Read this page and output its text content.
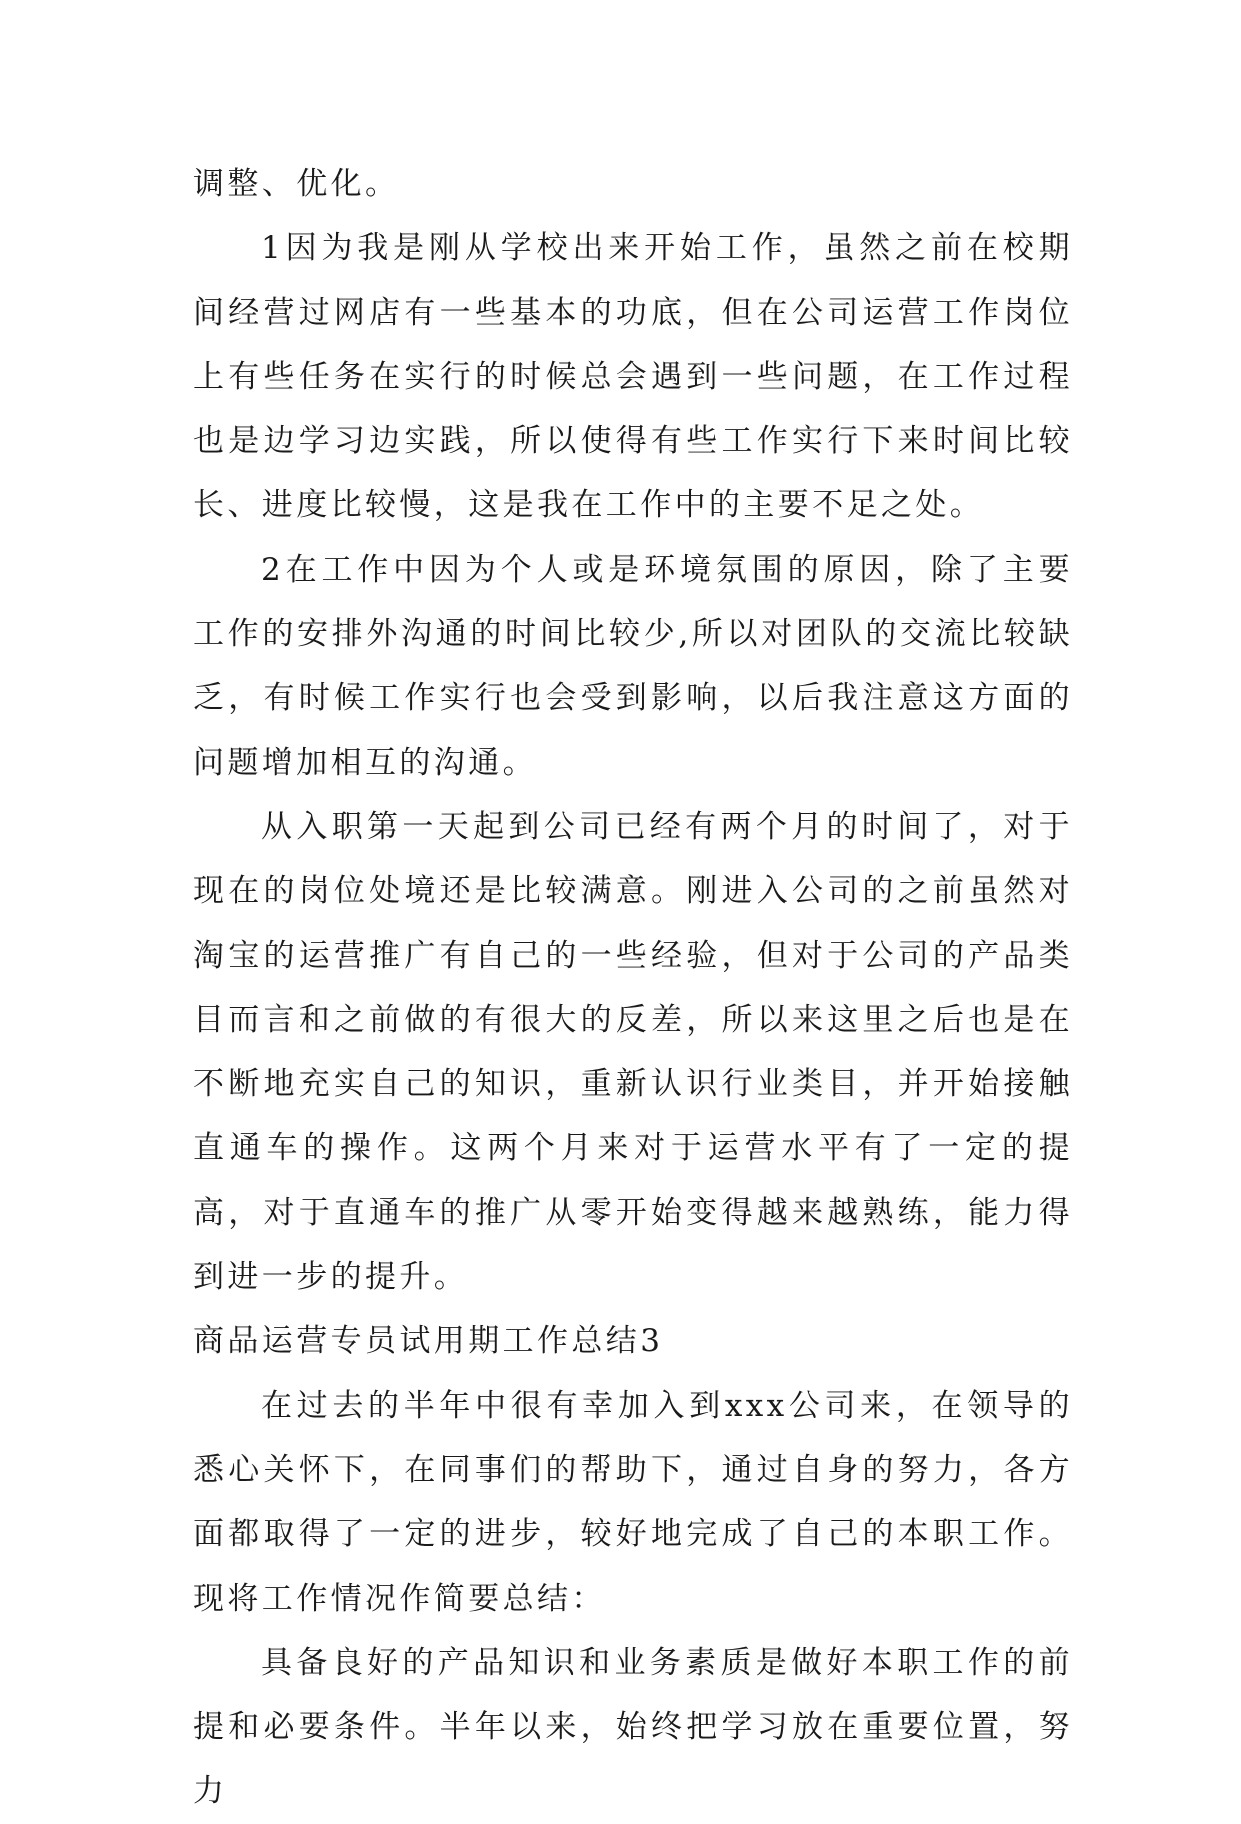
调整、优化。

1因为我是刚从学校出来开始工作，虽然之前在校期间经营过网店有一些基本的功底，但在公司运营工作岗位上有些任务在实行的时候总会遇到一些问题，在工作过程也是边学习边实践，所以使得有些工作实行下来时间比较长、进度比较慢，这是我在工作中的主要不足之处。

2在工作中因为个人或是环境氛围的原因，除了主要工作的安排外沟通的时间比较少,所以对团队的交流比较缺乏，有时候工作实行也会受到影响，以后我注意这方面的问题增加相互的沟通。

从入职第一天起到公司已经有两个月的时间了，对于现在的岗位处境还是比较满意。刚进入公司的之前虽然对淘宝的运营推广有自己的一些经验，但对于公司的产品类目而言和之前做的有很大的反差，所以来这里之后也是在不断地充实自己的知识，重新认识行业类目，并开始接触直通车的操作。这两个月来对于运营水平有了一定的提高，对于直通车的推广从零开始变得越来越熟练，能力得到进一步的提升。

商品运营专员试用期工作总结3

在过去的半年中很有幸加入到xxx公司来，在领导的悉心关怀下，在同事们的帮助下，通过自身的努力，各方面都取得了一定的进步，较好地完成了自己的本职工作。现将工作情况作简要总结：

具备良好的产品知识和业务素质是做好本职工作的前提和必要条件。半年以来，始终把学习放在重要位置，努力
